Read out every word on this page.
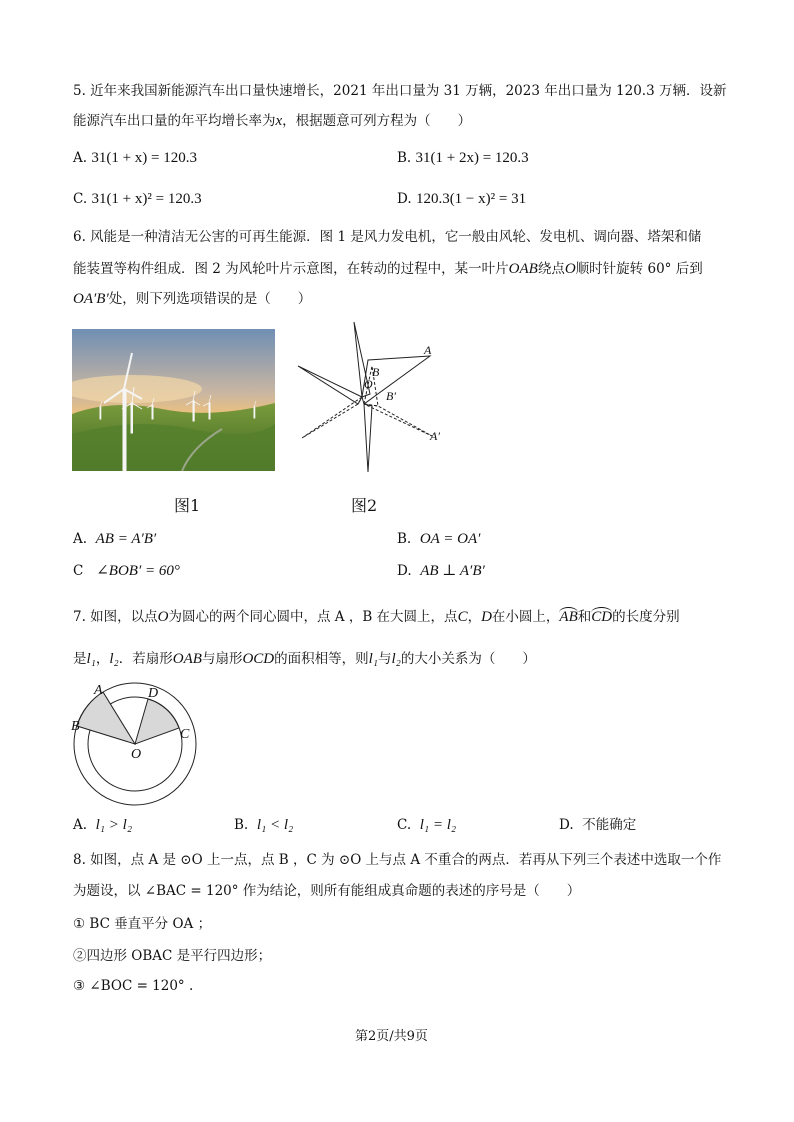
5. 近年来我国新能源汽车出口量快速增长，2021 年出口量为 31 万辆，2023 年出口量为 120.3 万辆．设新
能源汽车出口量的年平均增长率为x，根据题意可列方程为（　　）
A. 31(1 + x) = 120.3	B. 31(1 + 2x) = 120.3
C. 31(1 + x)² = 120.3	D. 120.3(1 − x)² = 31
6. 风能是一种清洁无公害的可再生能源．图 1 是风力发电机，它一般由风轮、发电机、调向器、塔架和储
能装置等构件组成．图 2 为风轮叶片示意图，在转动的过程中，某一叶片OAB绕点O顺时针旋转 60° 后到
OA′B′处，则下列选项错误的是（　　）
A
B
O
B′
A′
图1	图2
A. AB = A′B′	B. OA = OA′
C ∠BOB′ = 60°	D. AB ⊥ A′B′
7. 如图，以点O为圆心的两个同心圆中，点 A ，B 在大圆上，点C，D在小圆上，AB和CD的长度分别
是l₁，l₂．若扇形OAB与扇形OCD的面积相等，则l₁与l₂的大小关系为（　　）
A
B
O
D
C
A. l₁ > l₂	B. l₁ < l₂	C. l₁ = l₂	D. 不能确定
8. 如图，点 A 是 ⊙O 上一点，点 B ，C 为 ⊙O 上与点 A 不重合的两点．若再从下列三个表述中选取一个作
为题设，以 ∠BAC = 120° 作为结论，则所有能组成真命题的表述的序号是（　　）
① BC 垂直平分 OA ；
②四边形 OBAC 是平行四边形；
③ ∠BOC = 120° .
第2页/共9页
